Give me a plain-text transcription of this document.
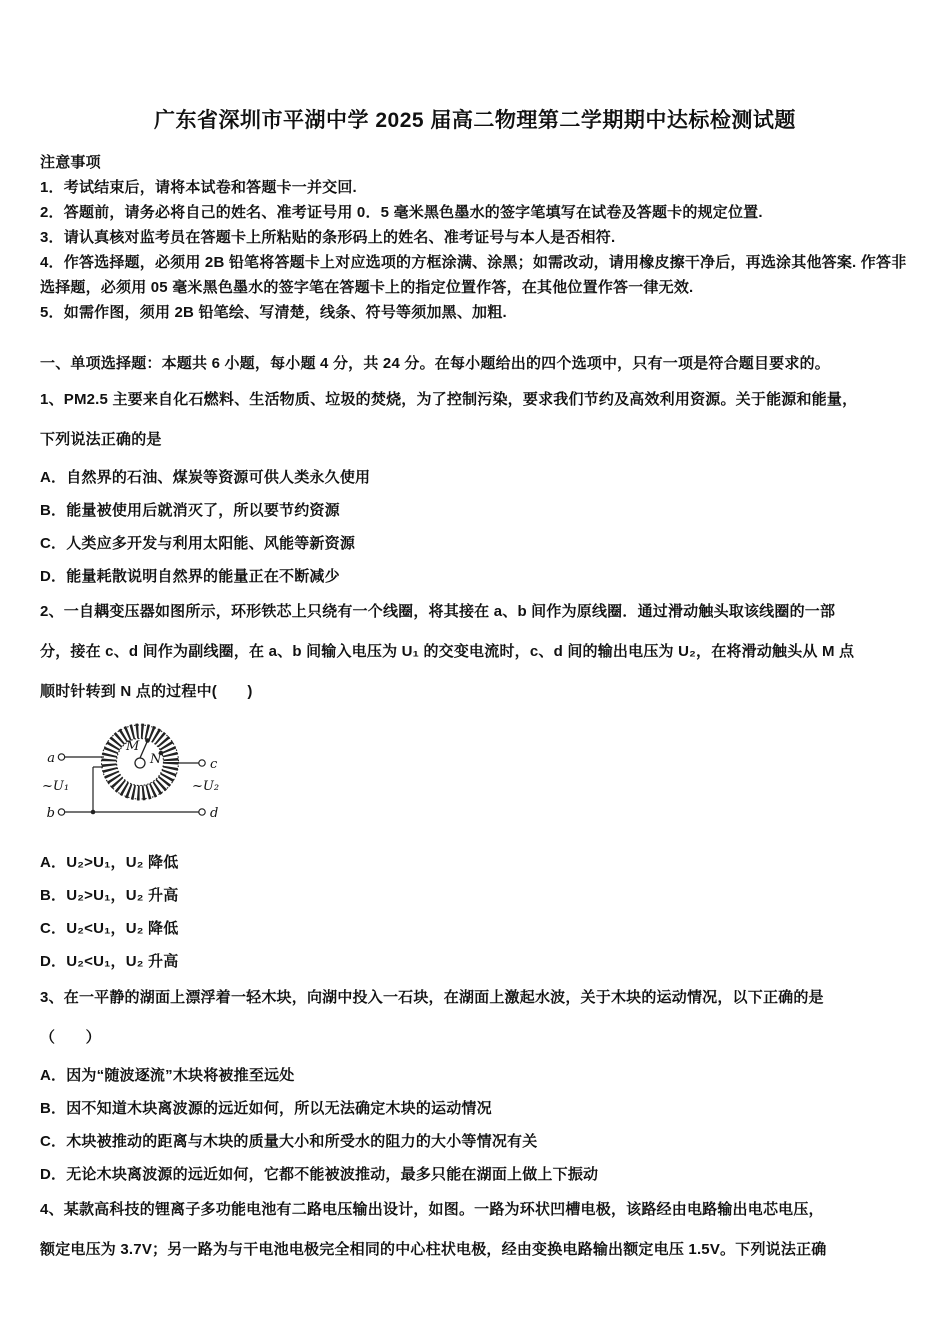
广东省深圳市平湖中学 2025 届高二物理第二学期期中达标检测试题

注意事项

1．考试结束后，请将本试卷和答题卡一并交回.

2．答题前，请务必将自己的姓名、准考证号用 0．5 毫米黑色墨水的签字笔填写在试卷及答题卡的规定位置.

3．请认真核对监考员在答题卡上所粘贴的条形码上的姓名、准考证号与本人是否相符.

4．作答选择题，必须用 2B 铅笔将答题卡上对应选项的方框涂满、涂黑；如需改动，请用橡皮擦干净后，再选涂其他答案. 作答非选择题，必须用 05 毫米黑色墨水的签字笔在答题卡上的指定位置作答，在其他位置作答一律无效.

5．如需作图，须用 2B 铅笔绘、写清楚，线条、符号等须加黑、加粗.

一、单项选择题：本题共 6 小题，每小题 4 分，共 24 分。在每小题给出的四个选项中，只有一项是符合题目要求的。

1、PM2.5 主要来自化石燃料、生活物质、垃圾的焚烧，为了控制污染，要求我们节约及高效利用资源。关于能源和能量，

下列说法正确的是

A．自然界的石油、煤炭等资源可供人类永久使用

B．能量被使用后就消灭了，所以要节约资源

C．人类应多开发与利用太阳能、风能等新资源

D．能量耗散说明自然界的能量正在不断减少

2、一自耦变压器如图所示，环形铁芯上只绕有一个线圈，将其接在 a、b 间作为原线圈．通过滑动触头取该线圈的一部

分，接在 c、d 间作为副线圈，在 a、b 间输入电压为 U₁ 的交变电流时，c、d 间的输出电压为 U₂，在将滑动触头从 M 点

顺时针转到 N 点的过程中(　　)

M
N
a
b
c
d
~U₁	~U₂

A．U₂>U₁，U₂ 降低

B．U₂>U₁，U₂ 升高

C．U₂<U₁，U₂ 降低

D．U₂<U₁，U₂ 升高

3、在一平静的湖面上漂浮着一轻木块，向湖中投入一石块，在湖面上激起水波，关于木块的运动情况，以下正确的是

（　　）

A．因为“随波逐流”木块将被推至远处

B．因不知道木块离波源的远近如何，所以无法确定木块的运动情况

C．木块被推动的距离与木块的质量大小和所受水的阻力的大小等情况有关

D．无论木块离波源的远近如何，它都不能被波推动，最多只能在湖面上做上下振动

4、某款高科技的锂离子多功能电池有二路电压输出设计，如图。一路为环状凹槽电极，该路经由电路输出电芯电压，

额定电压为 3.7V；另一路为与干电池电极完全相同的中心柱状电极，经由变换电路输出额定电压 1.5V。下列说法正确
